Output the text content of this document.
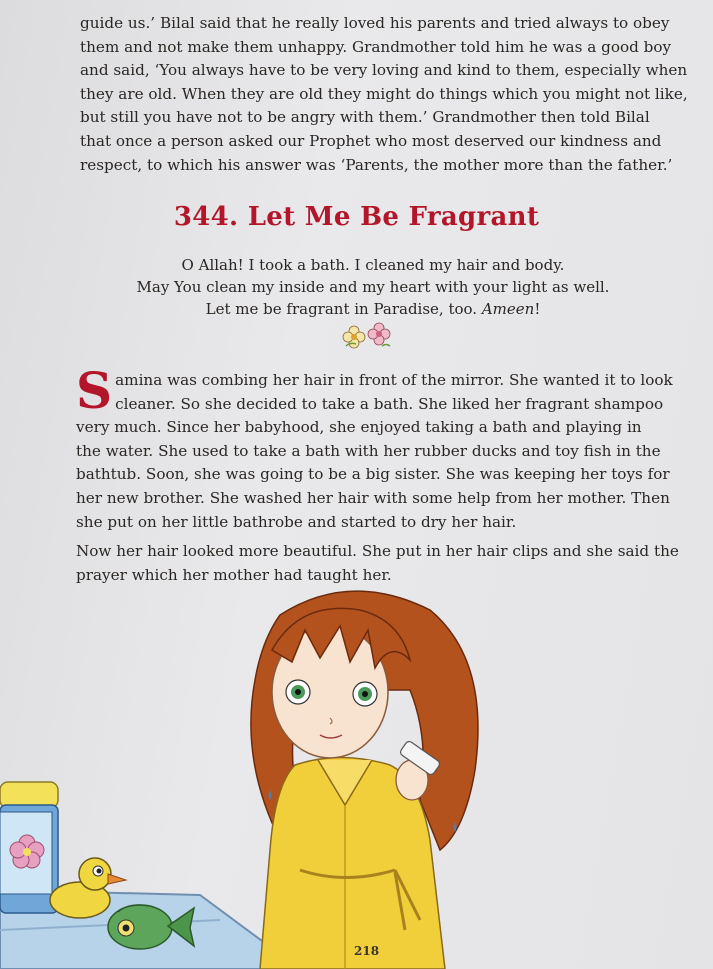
guide us.’ Bilal said that he really loved his parents and tried always to obey
them and not make them unhappy. Grandmother told him he was a good boy
and said, ‘You always have to be very loving and kind to them, especially when
they are old. When they are old they might do things which you might not like,
but still you have not to be angry with them.’ Grandmother then told Bilal
that once a person asked our Prophet who most deserved our kindness and
respect, to which his answer was ‘Parents, the mother more than the father.’

344. Let Me Be Fragrant
O Allah! I took a bath. I cleaned my hair and body.
May You clean my inside and my heart with your light as well.
Let me be fragrant in Paradise, too. Ameen!
S amina was combing her hair in front of the mirror. She wanted it to look
cleaner. So she decided to take a bath. She liked her fragrant shampoo
very much. Since her babyhood, she enjoyed taking a bath and playing in
the water. She used to take a bath with her rubber ducks and toy fish in the
bathtub. Soon, she was going to be a big sister. She was keeping her toys for
her new brother. She washed her hair with some help from her mother. Then
she put on her little bathrobe and started to dry her hair.
Now her hair looked more beautiful. She put in her hair clips and she said the
prayer which her mother had taught her.
218
